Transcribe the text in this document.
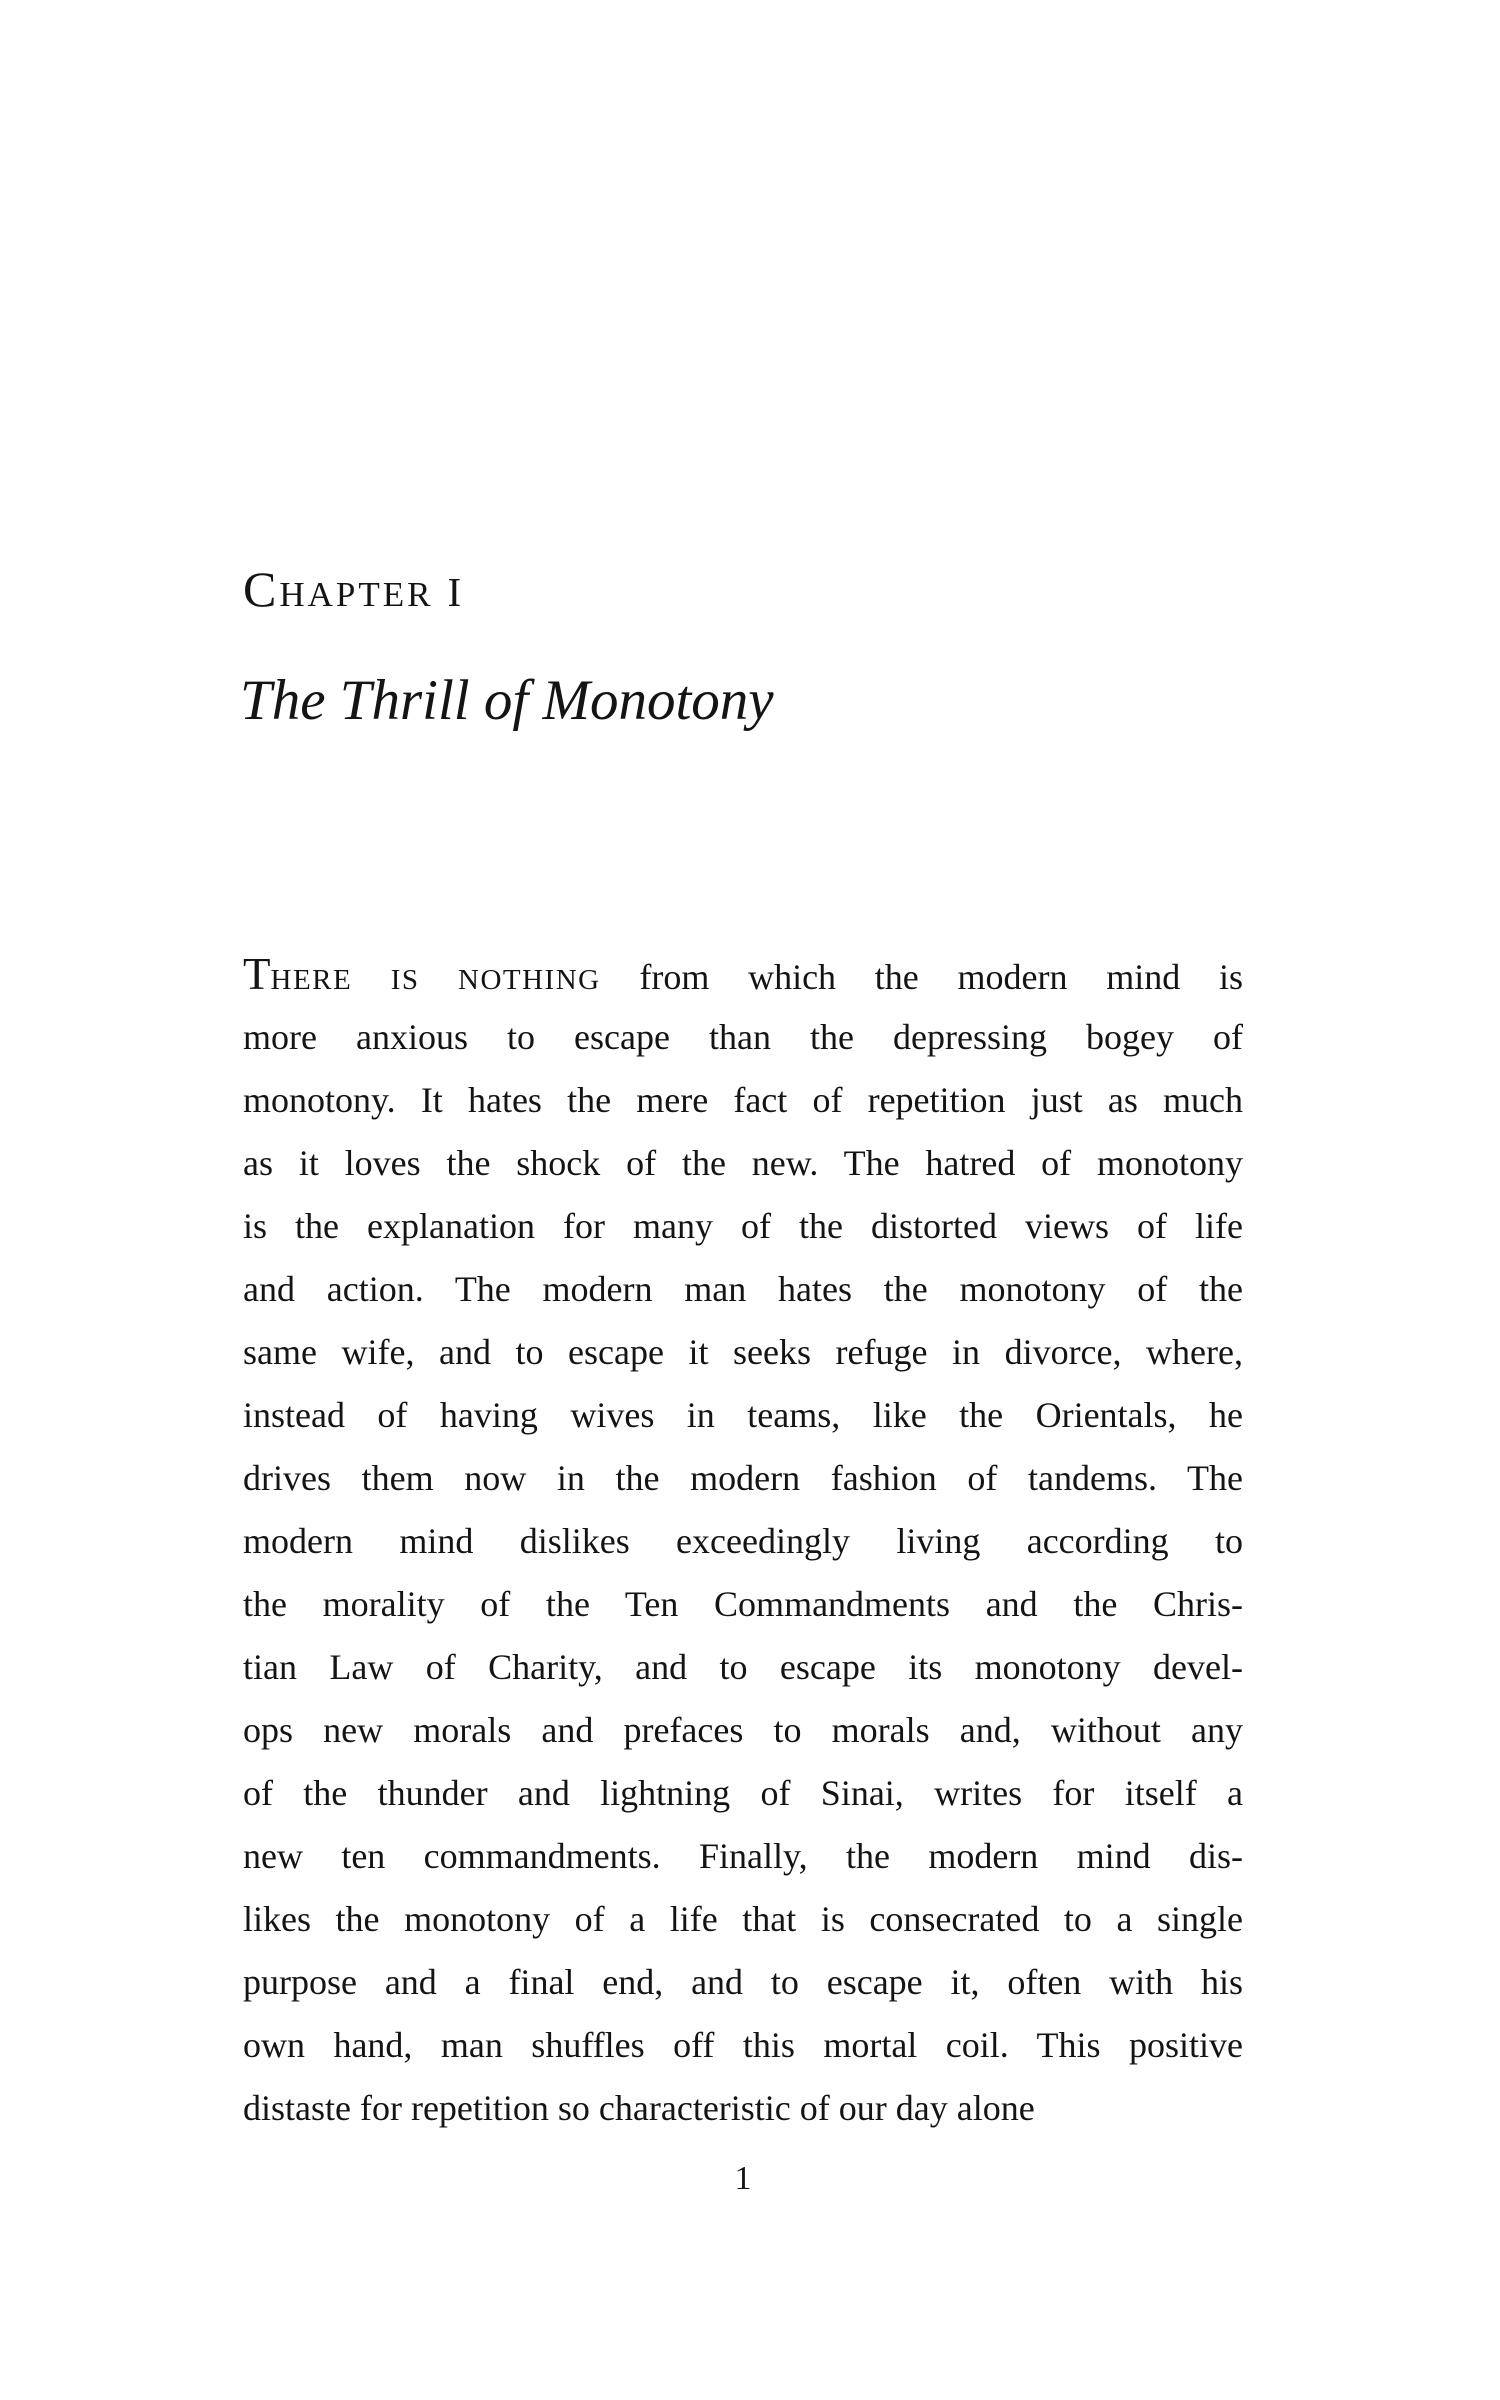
CHAPTER I
The Thrill of Monotony
THERE IS NOTHING from which the modern mind is
more anxious to escape than the depressing bogey of
monotony. It hates the mere fact of repetition just as much
as it loves the shock of the new. The hatred of monotony
is the explanation for many of the distorted views of life
and action. The modern man hates the monotony of the
same wife, and to escape it seeks refuge in divorce, where,
instead of having wives in teams, like the Orientals, he
drives them now in the modern fashion of tandems. The
modern mind dislikes exceedingly living according to
the morality of the Ten Commandments and the Chris-
tian Law of Charity, and to escape its monotony devel-
ops new morals and prefaces to morals and, without any
of the thunder and lightning of Sinai, writes for itself a
new ten commandments. Finally, the modern mind dis-
likes the monotony of a life that is consecrated to a single
purpose and a final end, and to escape it, often with his
own hand, man shuffles off this mortal coil. This positive
distaste for repetition so characteristic of our day alone
1
